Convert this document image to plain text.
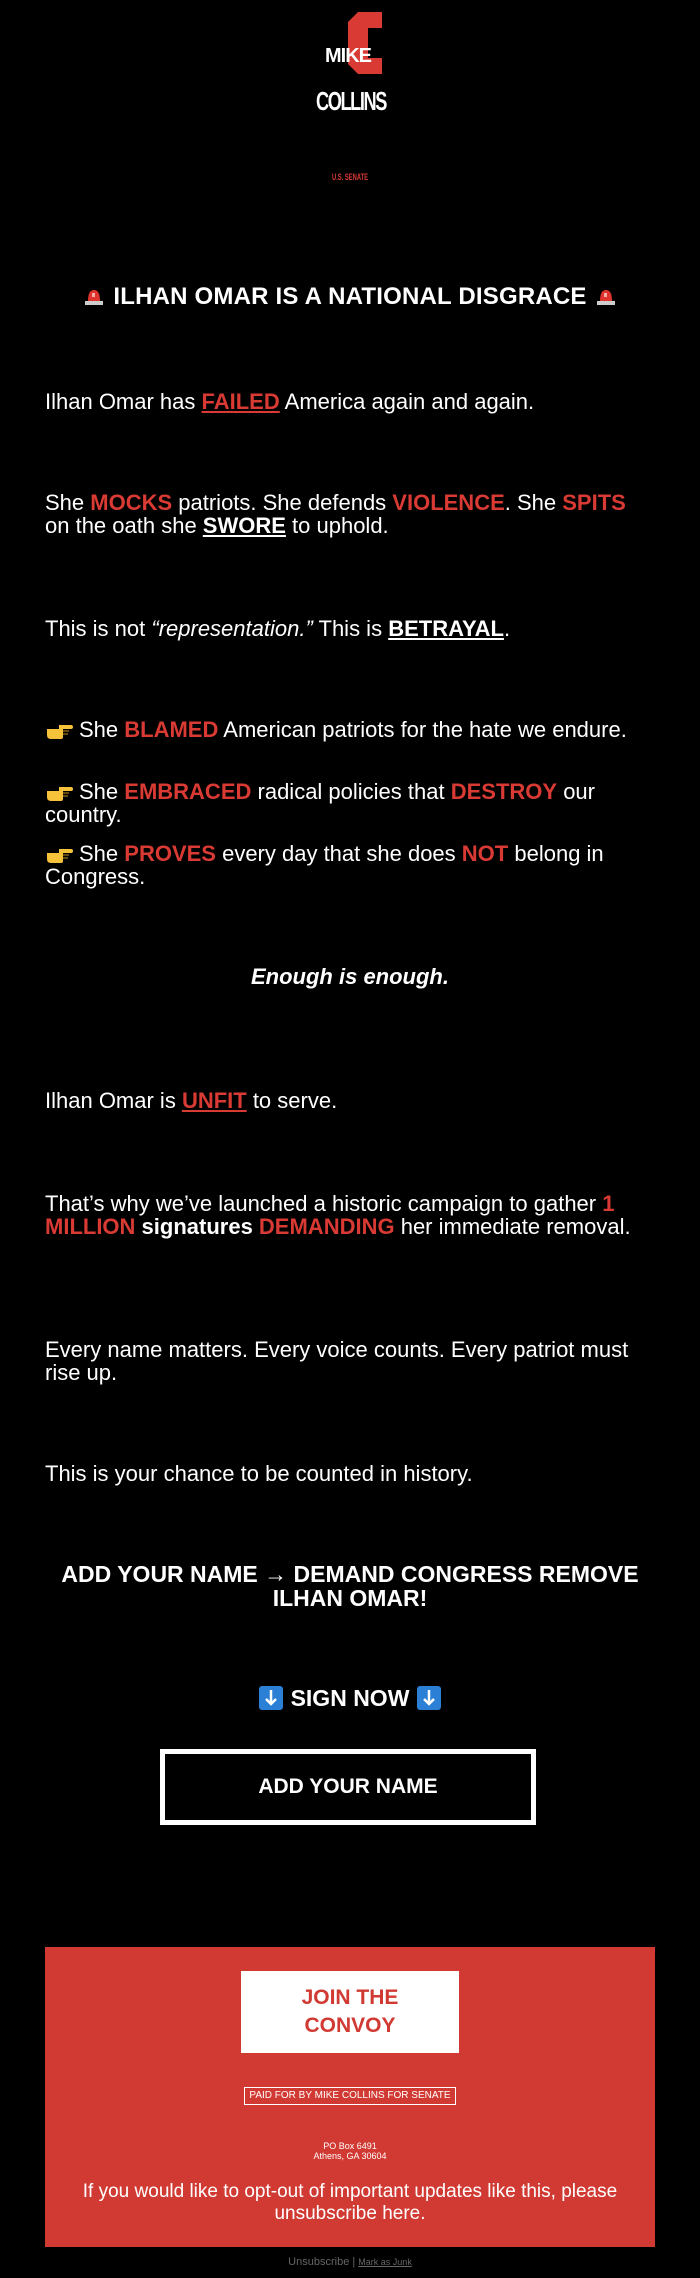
MIKE
COLLINS
U.S. SENATE
ILHAN OMAR IS A NATIONAL DISGRACE

Ilhan Omar has FAILED America again and again.

She MOCKS patriots. She defends VIOLENCE. She SPITS on the oath she SWORE to uphold.

This is not “representation.” This is BETRAYAL.

She BLAMED American patriots for the hate we endure.

She EMBRACED radical policies that DESTROY our country.

She PROVES every day that she does NOT belong in Congress.

Enough is enough.

Ilhan Omar is UNFIT to serve.

That’s why we’ve launched a historic campaign to gather 1 MILLION signatures DEMANDING her immediate removal.

Every name matters. Every voice counts. Every patriot must rise up.

This is your chance to be counted in history.

ADD YOUR NAME → DEMAND CONGRESS REMOVE ILHAN OMAR!
SIGN NOW
ADD YOUR NAME
JOIN THE
CONVOY
PAID FOR BY MIKE COLLINS FOR SENATE
PO Box 6491
Athens, GA 30604
If you would like to opt-out of important updates like this, please unsubscribe here.
Unsubscribe | Mark as Junk
